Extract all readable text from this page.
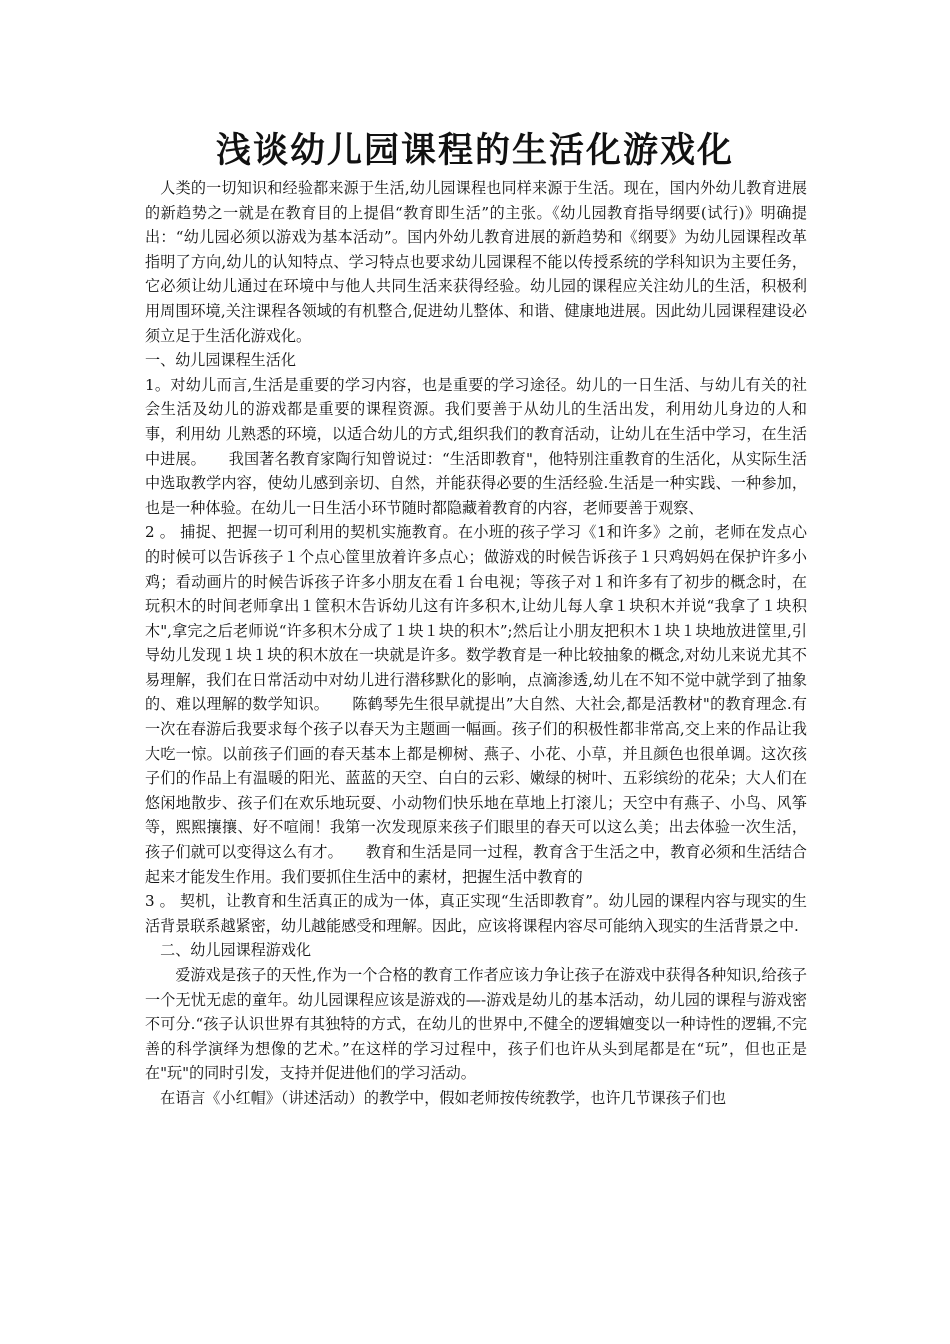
浅谈幼儿园课程的生活化游戏化

　人类的一切知识和经验都来源于生活,幼儿园课程也同样来源于生活。现在，国内外幼儿教育进展的新趋势之一就是在教育目的上提倡“教育即生活”的主张。《幼儿园教育指导纲要(试行)》明确提出：“幼儿园必须以游戏为基本活动”。国内外幼儿教育进展的新趋势和《纲要》为幼儿园课程改革指明了方向,幼儿的认知特点、学习特点也要求幼儿园课程不能以传授系统的学科知识为主要任务，它必须让幼儿通过在环境中与他人共同生活来获得经验。幼儿园的课程应关注幼儿的生活，积极利用周围环境,关注课程各领域的有机整合,促进幼儿整体、和谐、健康地进展。因此幼儿园课程建设必须立足于生活化游戏化。

一、幼儿园课程生活化

1。对幼儿而言,生活是重要的学习内容，也是重要的学习途径。幼儿的一日生活、与幼儿有关的社会生活及幼儿的游戏都是重要的课程资源。我们要善于从幼儿的生活出发，利用幼儿身边的人和事，利用幼 儿熟悉的环境，以适合幼儿的方式,组织我们的教育活动，让幼儿在生活中学习，在生活中进展。　　我国著名教育家陶行知曾说过：“生活即教育"，他特别注重教育的生活化，从实际生活中选取教学内容，使幼儿感到亲切、自然，并能获得必要的生活经验.生活是一种实践、一种参加，也是一种体验。在幼儿一日生活小环节随时都隐藏着教育的内容，老师要善于观察、

2 。 捕捉、把握一切可利用的契机实施教育。在小班的孩子学习《1和许多》之前，老师在发点心的时候可以告诉孩子１个点心筐里放着许多点心；做游戏的时候告诉孩子１只鸡妈妈在保护许多小鸡；看动画片的时候告诉孩子许多小朋友在看１台电视；等孩子对１和许多有了初步的概念时，在玩积木的时间老师拿出１筐积木告诉幼儿这有许多积木,让幼儿每人拿１块积木并说“我拿了１块积木",拿完之后老师说“许多积木分成了１块１块的积木”;然后让小朋友把积木１块１块地放进筐里,引导幼儿发现１块１块的积木放在一块就是许多。数学教育是一种比较抽象的概念,对幼儿来说尤其不易理解，我们在日常活动中对幼儿进行潜移默化的影响，点滴渗透,幼儿在不知不觉中就学到了抽象的、难以理解的数学知识。　　陈鹤琴先生很早就提出”大自然、大社会,都是活教材"的教育理念.有一次在春游后我要求每个孩子以春天为主题画一幅画。孩子们的积极性都非常高,交上来的作品让我大吃一惊。以前孩子们画的春天基本上都是柳树、燕子、小花、小草，并且颜色也很单调。这次孩子们的作品上有温暖的阳光、蓝蓝的天空、白白的云彩、嫩绿的树叶、五彩缤纷的花朵；大人们在悠闲地散步、孩子们在欢乐地玩耍、小动物们快乐地在草地上打滚儿；天空中有燕子、小鸟、风筝等，熙熙攘攘、好不喧闹！我第一次发现原来孩子们眼里的春天可以这么美；出去体验一次生活，孩子们就可以变得这么有才。　　教育和生活是同一过程，教育含于生活之中，教育必须和生活结合起来才能发生作用。我们要抓住生活中的素材，把握生活中教育的

3 。 契机，让教育和生活真正的成为一体，真正实现“生活即教育”。幼儿园的课程内容与现实的生活背景联系越紧密，幼儿越能感受和理解。因此，应该将课程内容尽可能纳入现实的生活背景之中.

　二、幼儿园课程游戏化

　　爱游戏是孩子的天性,作为一个合格的教育工作者应该力争让孩子在游戏中获得各种知识,给孩子一个无忧无虑的童年。幼儿园课程应该是游戏的—-游戏是幼儿的基本活动，幼儿园的课程与游戏密不可分.“孩子认识世界有其独特的方式，在幼儿的世界中,不健全的逻辑嬗变以一种诗性的逻辑,不完善的科学演绎为想像的艺术。”在这样的学习过程中，孩子们也许从头到尾都是在“玩”，但也正是在"玩"的同时引发，支持并促进他们的学习活动。

　在语言《小红帽》（讲述活动）的教学中，假如老师按传统教学，也许几节课孩子们也
